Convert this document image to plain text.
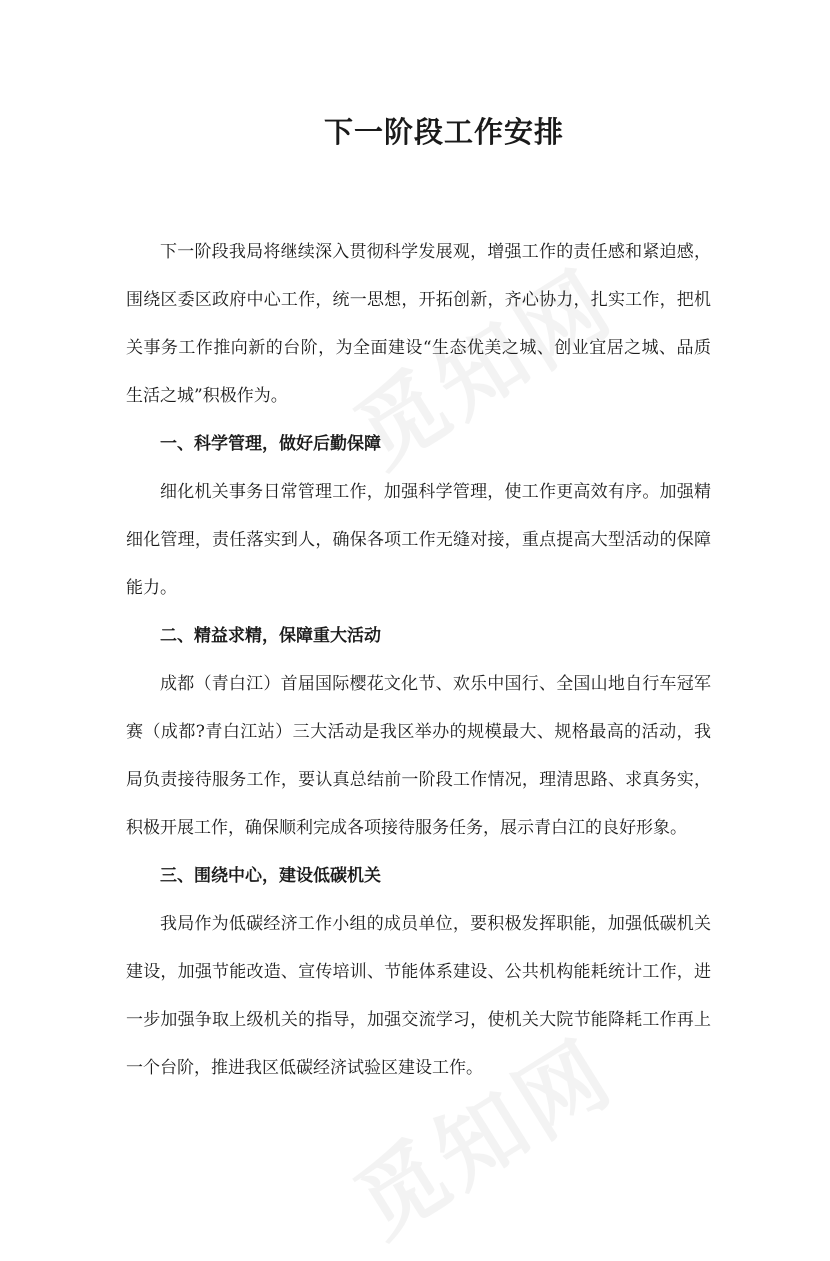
下一阶段工作安排

下一阶段我局将继续深入贯彻科学发展观，增强工作的责任感和紧迫感，围绕区委区政府中心工作，统一思想，开拓创新，齐心协力，扎实工作，把机关事务工作推向新的台阶，为全面建设“生态优美之城、创业宜居之城、品质生活之城”积极作为。

一、科学管理，做好后勤保障

细化机关事务日常管理工作，加强科学管理，使工作更高效有序。加强精细化管理，责任落实到人，确保各项工作无缝对接，重点提高大型活动的保障能力。

二、精益求精，保障重大活动

成都（青白江）首届国际樱花文化节、欢乐中国行、全国山地自行车冠军赛（成都?青白江站）三大活动是我区举办的规模最大、规格最高的活动，我局负责接待服务工作，要认真总结前一阶段工作情况，理清思路、求真务实，积极开展工作，确保顺利完成各项接待服务任务，展示青白江的良好形象。

三、围绕中心，建设低碳机关

我局作为低碳经济工作小组的成员单位，要积极发挥职能，加强低碳机关建设，加强节能改造、宣传培训、节能体系建设、公共机构能耗统计工作，进一步加强争取上级机关的指导，加强交流学习，使机关大院节能降耗工作再上一个台阶，推进我区低碳经济试验区建设工作。
